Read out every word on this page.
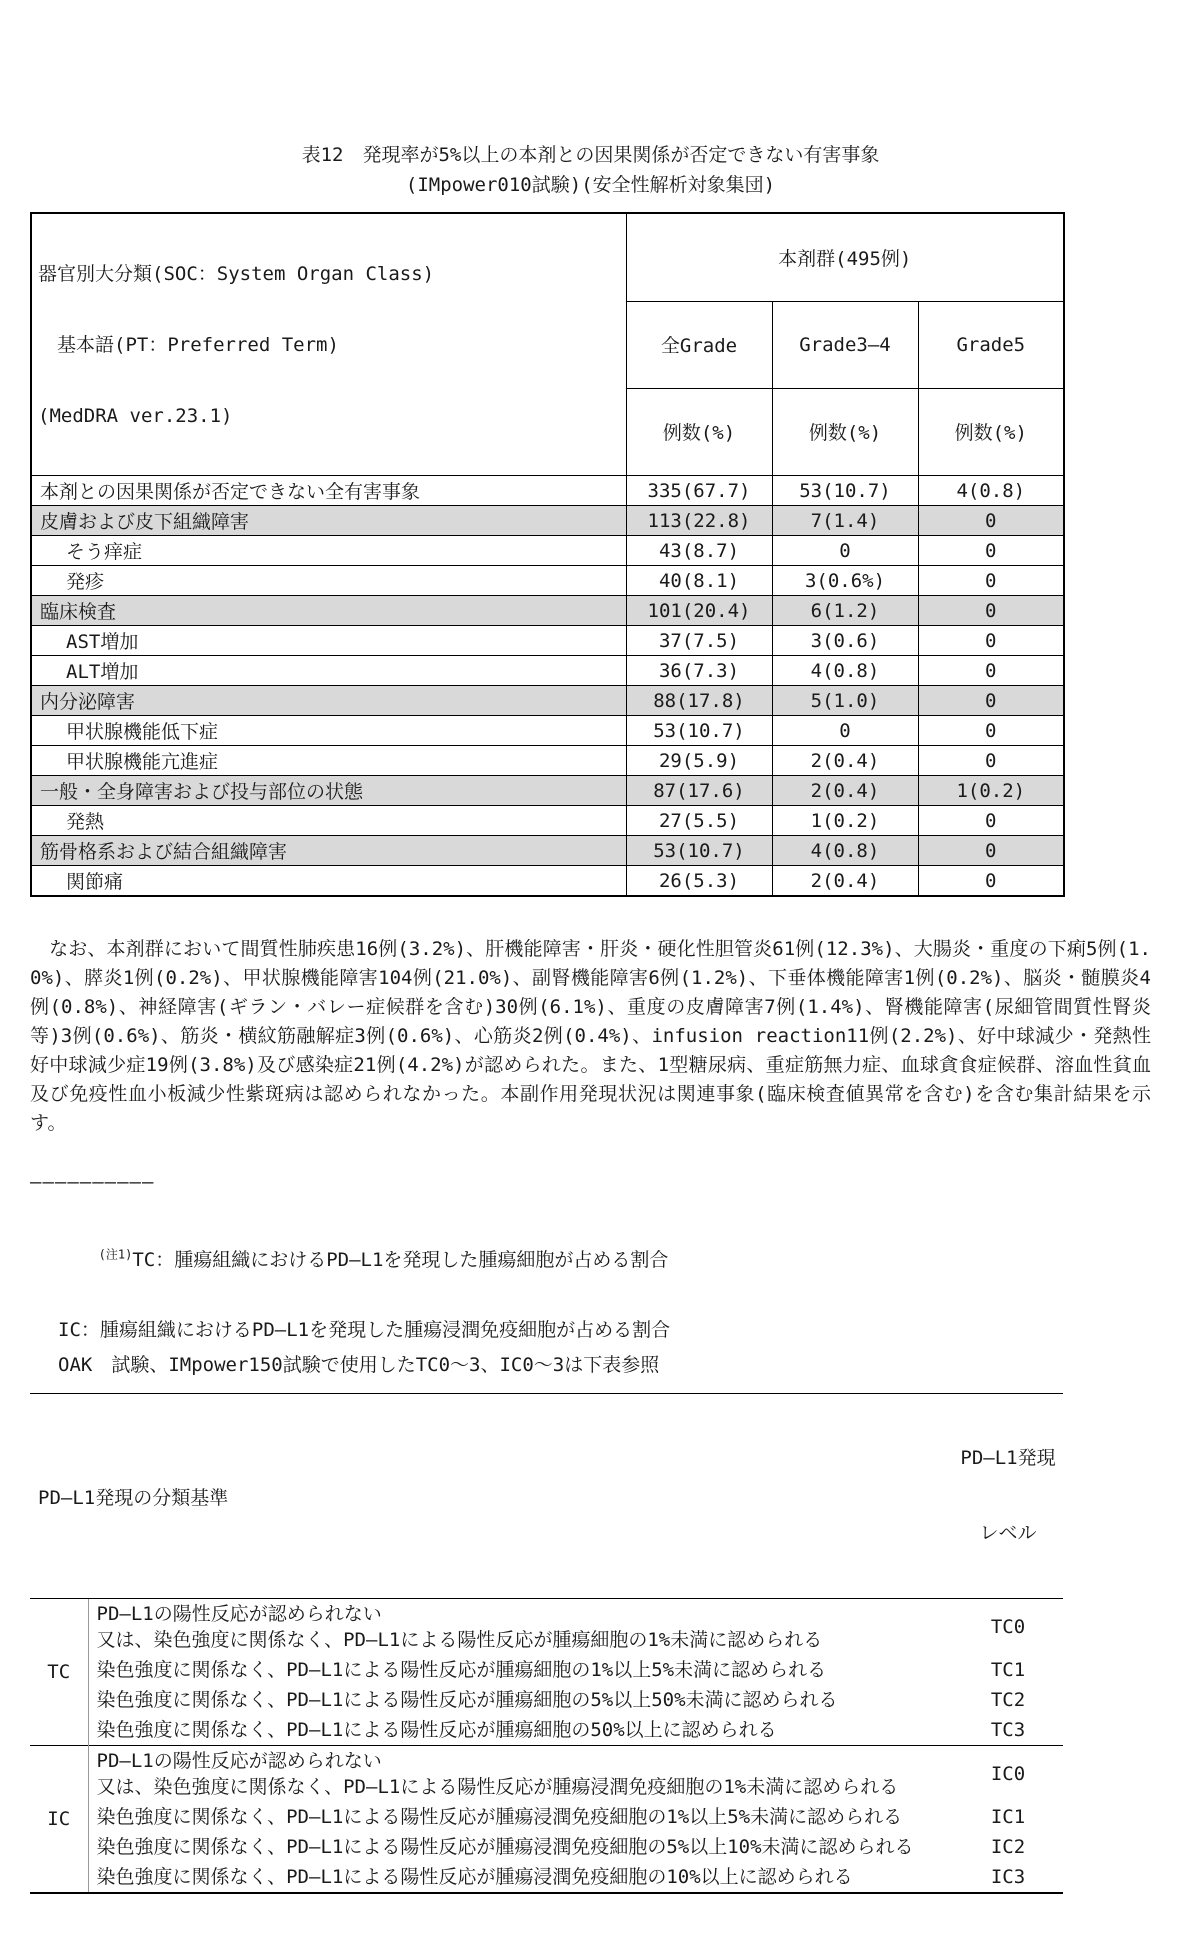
表12　発現率が5%以上の本剤との因果関係が否定できない有害事象
(IMpower010試験)(安全性解析対象集団)

器官別大分類(SOC：System Organ Class)

　基本語(PT：Preferred Term)

(MedDRA ver.23.1)	本剤群(495例)		
	全Grade	Grade3—4	Grade5
	例数(%)	例数(%)	例数(%)
本剤との因果関係が否定できない全有害事象	335(67.7)	53(10.7)	4(0.8)
皮膚および皮下組織障害	113(22.8)	7(1.4)	0
そう痒症	43(8.7)	0	0
発疹	40(8.1)	3(0.6%)	0
臨床検査	101(20.4)	6(1.2)	0
AST増加	37(7.5)	3(0.6)	0
ALT増加	36(7.3)	4(0.8)	0
内分泌障害	88(17.8)	5(1.0)	0
甲状腺機能低下症	53(10.7)	0	0
甲状腺機能亢進症	29(5.9)	2(0.4)	0
一般・全身障害および投与部位の状態	87(17.6)	2(0.4)	1(0.2)
発熱	27(5.5)	1(0.2)	0
筋骨格系および結合組織障害	53(10.7)	4(0.8)	0
関節痛	26(5.3)	2(0.4)	0
　なお、本剤群において間質性肺疾患16例(3.2%)、肝機能障害・肝炎・硬化性胆管炎61例(12.3%)、大腸炎・重度の下痢5例(1.0%)、膵炎1例(0.2%)、甲状腺機能障害104例(21.0%)、副腎機能障害6例(1.2%)、下垂体機能障害1例(0.2%)、脳炎・髄膜炎4例(0.8%)、神経障害(ギラン・バレー症候群を含む)30例(6.1%)、重度の皮膚障害7例(1.4%)、腎機能障害(尿細管間質性腎炎等)3例(0.6%)、筋炎・横紋筋融解症3例(0.6%)、心筋炎2例(0.4%)、infusion reaction11例(2.2%)、好中球減少・発熱性好中球減少症19例(3.8%)及び感染症21例(4.2%)が認められた。また、1型糖尿病、重症筋無力症、血球貪食症候群、溶血性貧血及び免疫性血小板減少性紫斑病は認められなかった。本副作用発現状況は関連事象(臨床検査値異常を含む)を含む集計結果を示す。
――――――――――

$^{(注1)}$TC：腫瘍組織におけるPD—L1を発現した腫瘍細胞が占める割合

IC：腫瘍組織におけるPD—L1を発現した腫瘍浸潤免疫細胞が占める割合
OAK　試験、IMpower150試験で使用したTC0〜3、IC0〜3は下表参照
PD—L1発現の分類基準		PD—L1発現

レベル

TC	PD—L1の陽性反応が認められない
又は、染色強度に関係なく、PD—L1による陽性反応が腫瘍細胞の1%未満に認められる	TC0

	染色強度に関係なく、PD—L1による陽性反応が腫瘍細胞の1%以上5%未満に認められる	TC1

	染色強度に関係なく、PD—L1による陽性反応が腫瘍細胞の5%以上50%未満に認められる	TC2

	染色強度に関係なく、PD—L1による陽性反応が腫瘍細胞の50%以上に認められる	TC3
IC	PD—L1の陽性反応が認められない
又は、染色強度に関係なく、PD—L1による陽性反応が腫瘍浸潤免疫細胞の1%未満に認められる	IC0

	染色強度に関係なく、PD—L1による陽性反応が腫瘍浸潤免疫細胞の1%以上5%未満に認められる	IC1

	染色強度に関係なく、PD—L1による陽性反応が腫瘍浸潤免疫細胞の5%以上10%未満に認められる	IC2

	染色強度に関係なく、PD—L1による陽性反応が腫瘍浸潤免疫細胞の10%以上に認められる	IC3
